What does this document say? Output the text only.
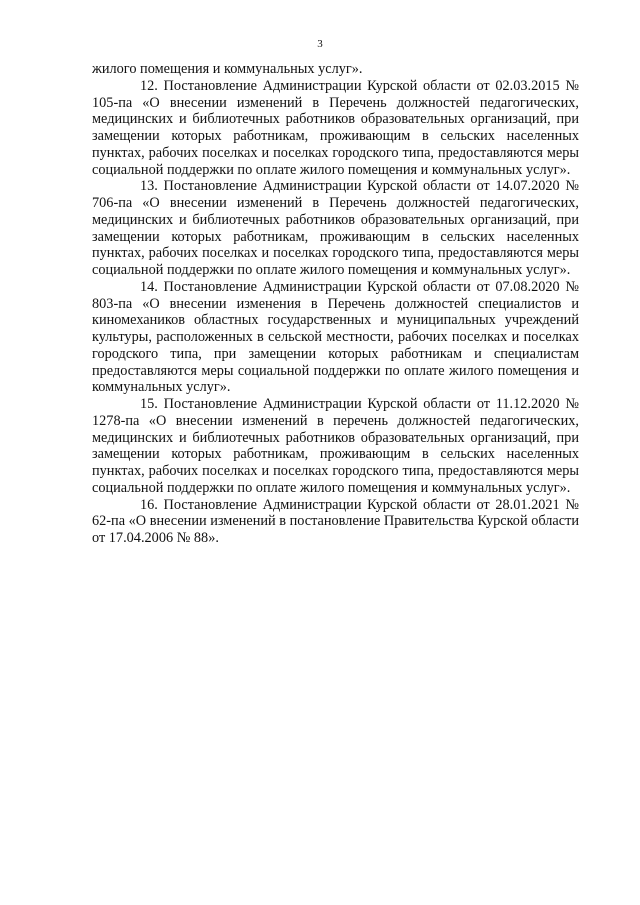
3

жилого помещения и коммунальных услуг».

12. Постановление Администрации Курской области от 02.03.2015 № 105-па «О внесении изменений в Перечень должностей педагогических, медицинских и библиотечных работников образовательных организаций, при замещении которых работникам, проживающим в сельских населенных пунктах, рабочих поселках и поселках городского типа, предоставляются меры социальной поддержки по оплате жилого помещения и коммунальных услуг».

13. Постановление Администрации Курской области от 14.07.2020 № 706-па «О внесении изменений в Перечень должностей педагогических, медицинских и библиотечных работников образовательных организаций, при замещении которых работникам, проживающим в сельских населенных пунктах, рабочих поселках и поселках городского типа, предоставляются меры социальной поддержки по оплате жилого помещения и коммунальных услуг».

14. Постановление Администрации Курской области от 07.08.2020 № 803-па «О внесении изменения в Перечень должностей специалистов и киномехаников областных государственных и муниципальных учреждений культуры, расположенных в сельской местности, рабочих поселках и поселках городского типа, при замещении которых работникам и специалистам предоставляются меры социальной поддержки по оплате жилого помещения и коммунальных услуг».

15. Постановление Администрации Курской области от 11.12.2020 № 1278-па «О внесении изменений в перечень должностей педагогических, медицинских и библиотечных работников образовательных организаций, при замещении которых работникам, проживающим в сельских населенных пунктах, рабочих поселках и поселках городского типа, предоставляются меры социальной поддержки по оплате жилого помещения и коммунальных услуг».

16. Постановление Администрации Курской области от 28.01.2021 № 62-па «О внесении изменений в постановление Правительства Курской области от 17.04.2006 № 88».
